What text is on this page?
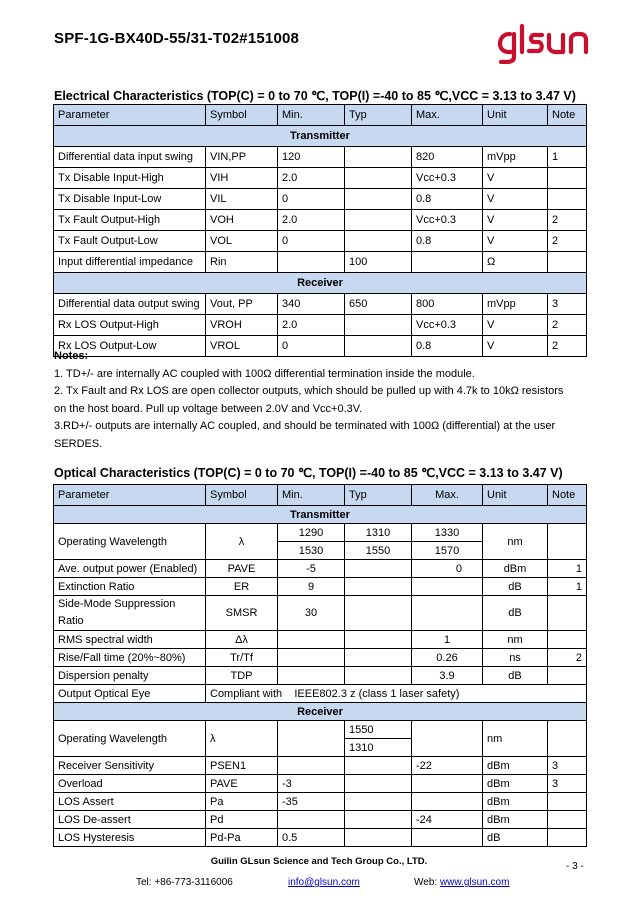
SPF-1G-BX40D-55/31-T02#151008
Electrical Characteristics (TOP(C) = 0 to 70 ℃, TOP(I) =-40 to 85 ℃,VCC = 3.13 to 3.47 V)
Parameter	Symbol	Min.	Typ	Max.	Unit	Note
Transmitter						
Differential data input swing	VIN,PP	120		820	mVpp	1
Tx Disable Input-High	VIH	2.0		Vcc+0.3	V	
Tx Disable Input-Low	VIL	0		0.8	V	
Tx Fault Output-High	VOH	2.0		Vcc+0.3	V	2
Tx Fault Output-Low	VOL	0		0.8	V	2
Input differential impedance	Rin		100		Ω	
Receiver						
Differential data output swing	Vout, PP	340	650	800	mVpp	3
Rx LOS Output-High	VROH	2.0		Vcc+0.3	V	2
Rx LOS Output-Low	VROL	0		0.8	V	2
Notes:
1. TD+/- are internally AC coupled with 100Ω differential termination inside the module.
2. Tx Fault and Rx LOS are open collector outputs, which should be pulled up with 4.7k to 10kΩ resistors
on the host board. Pull up voltage between 2.0V and Vcc+0.3V.
3.RD+/- outputs are internally AC coupled, and should be terminated with 100Ω (differential) at the user
SERDES.
Optical Characteristics (TOP(C) = 0 to 70 ℃, TOP(I) =-40 to 85 ℃,VCC = 3.13 to 3.47 V)
Parameter	Symbol	Min.	Typ	Max.	Unit	Note
Transmitter						
Operating Wavelength	λ	1290	1310	1330	nm	
		1530	1550	1570		
Ave. output power (Enabled)	PAVE	-5		0	dBm	1
Extinction Ratio	ER	9			dB	1
Side-Mode Suppression Ratio	SMSR	30			dB	
RMS spectral width	Δλ			1	nm	
Rise/Fall time (20%~80%)	Tr/Tf			0.26	ns	2
Dispersion penalty	TDP			3.9	dB	
Output Optical Eye	Compliant with    IEEE802.3 z (class 1 laser safety)					
Receiver						
Operating Wavelength	λ		1550		nm	
			1310			
Receiver Sensitivity	PSEN1			-22	dBm	3
Overload	PAVE	-3			dBm	3
LOS Assert	Pa	-35			dBm	
LOS De-assert	Pd			-24	dBm	
LOS Hysteresis	Pd-Pa	0.5			dB	
Guilin GLsun Science and Tech Group Co., LTD.	- 3 -
Tel: +86-773-3116006	info@glsun.com	Web: www.glsun.com
